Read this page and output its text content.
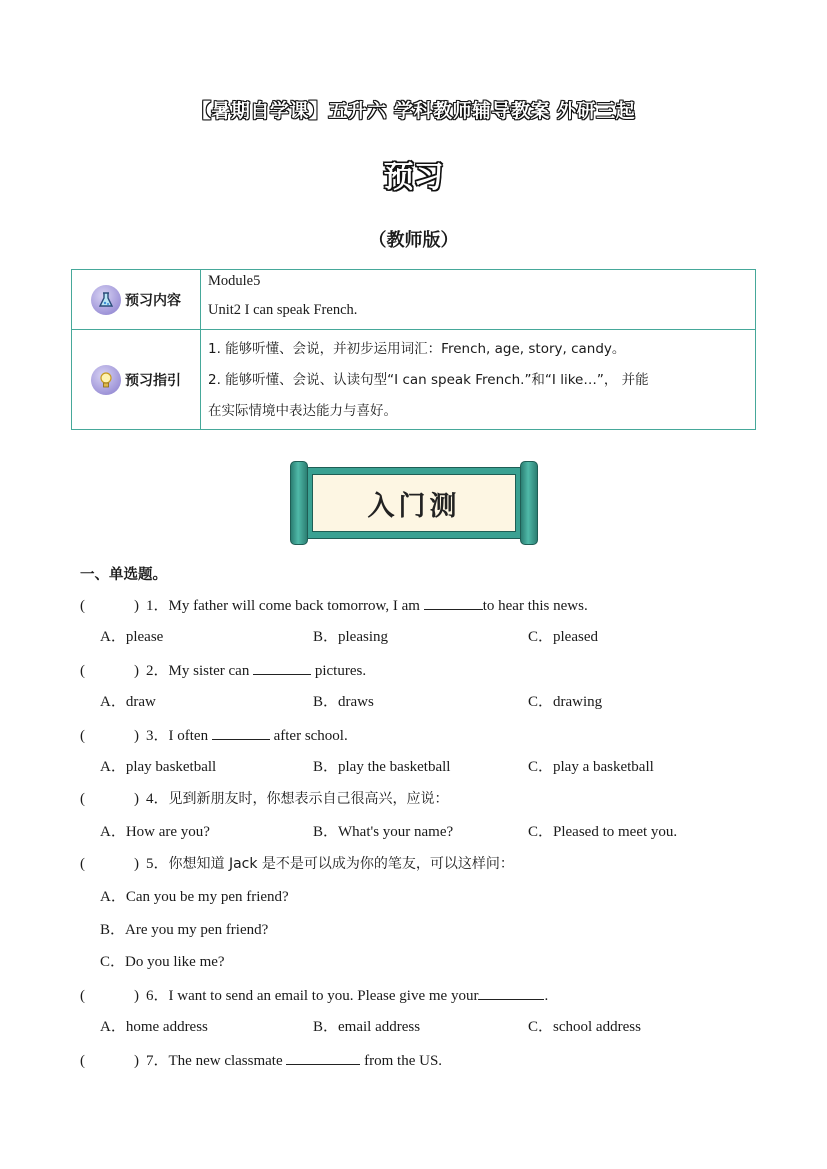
【暑期自学课】五升六 学科教师辅导教案 外研三起
预习
（教师版）
预习内容
Module5
Unit2 I can speak French.
预习指引
1. 能够听懂、会说，并初步运用词汇：French, age, story, candy。
2. 能够听懂、会说、认读句型“I can speak French.”和“I like…”， 并能
在实际情境中表达能力与喜好。
入门测
一、单选题。
(	) 1．My father will come back tomorrow, I am	to hear this news.
A．please	B．pleasing	C．pleased
(	) 2．My sister can	pictures.
A．draw	B．draws	C．drawing
(	) 3．I often	after school.
A．play basketball	B．play the basketball	C．play a basketball
(	) 4．见到新朋友时，你想表示自己很高兴，应说：
A．How are you?	B．What's your name?	C．Pleased to meet you.
(	) 5．你想知道 Jack 是不是可以成为你的笔友，可以这样问：
A．Can you be my pen friend?
B．Are you my pen friend?
C．Do you like me?
(	) 6．I want to send an email to you. Please give me your	.
A．home address	B．email address	C．school address
(	) 7．The new classmate	from the US.
